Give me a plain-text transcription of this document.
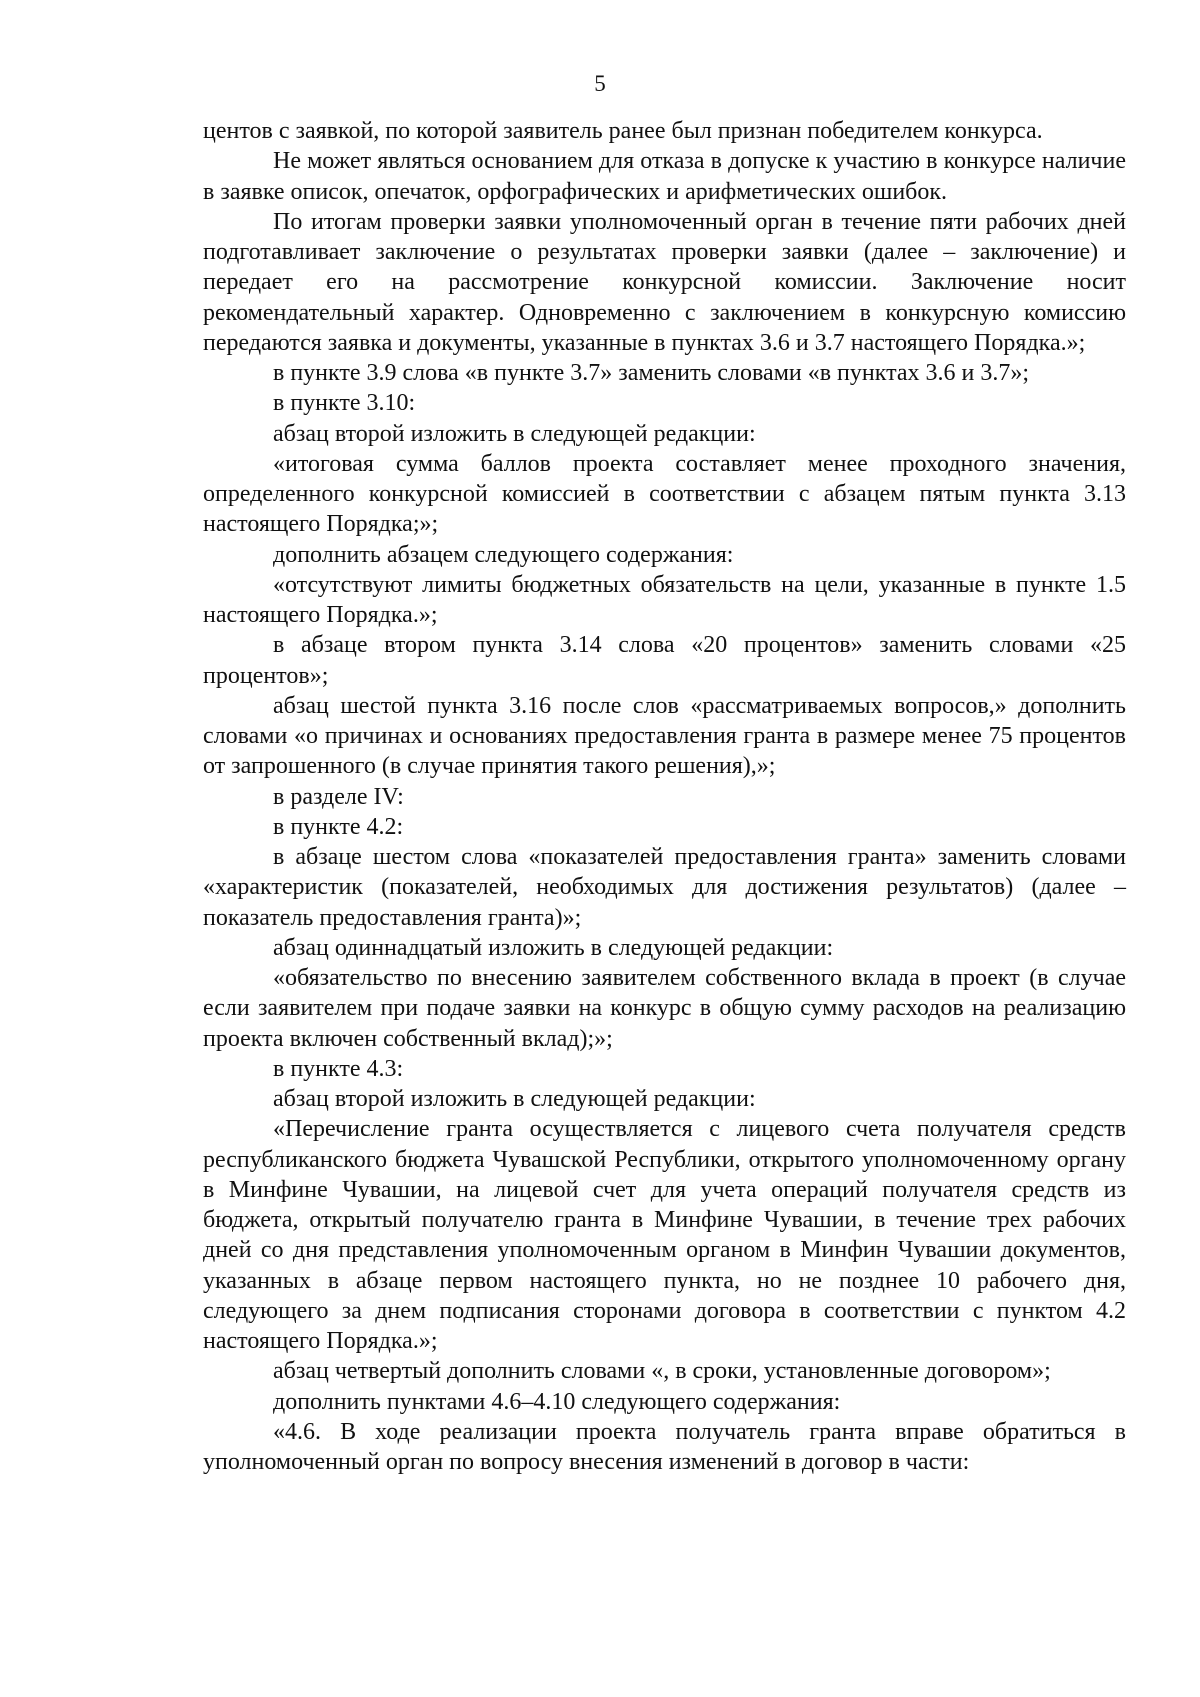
5

центов с заявкой, по которой заявитель ранее был признан победителем конкурса.

Не может являться основанием для отказа в допуске к участию в конкурсе наличие в заявке описок, опечаток, орфографических и арифметических ошибок.

По итогам проверки заявки уполномоченный орган в течение пяти рабочих дней подготавливает заключение о результатах проверки заявки (далее – заключение) и передает его на рассмотрение конкурсной комиссии. Заключение носит рекомендательный характер. Одновременно с заключением в конкурсную комиссию передаются заявка и документы, указанные в пунктах 3.6 и 3.7 настоящего Порядка.»;

в пункте 3.9 слова «в пункте 3.7» заменить словами «в пунктах 3.6 и 3.7»;

в пункте 3.10:

абзац второй изложить в следующей редакции:

«итоговая сумма баллов проекта составляет менее проходного значения, определенного конкурсной комиссией в соответствии с абзацем пятым пункта 3.13 настоящего Порядка;»;

дополнить абзацем следующего содержания:

«отсутствуют лимиты бюджетных обязательств на цели, указанные в пункте 1.5 настоящего Порядка.»;

в абзаце втором пункта 3.14 слова «20 процентов» заменить словами «25 процентов»;

абзац шестой пункта 3.16 после слов «рассматриваемых вопросов,» дополнить словами «о причинах и основаниях предоставления гранта в размере менее 75 процентов от запрошенного (в случае принятия такого решения),»;

в разделе IV:

в пункте 4.2:

в абзаце шестом слова «показателей предоставления гранта» заменить словами «характеристик (показателей, необходимых для достижения результатов) (далее – показатель предоставления гранта)»;

абзац одиннадцатый изложить в следующей редакции:

«обязательство по внесению заявителем собственного вклада в проект (в случае если заявителем при подаче заявки на конкурс в общую сумму расходов на реализацию проекта включен собственный вклад);»;

в пункте 4.3:

абзац второй изложить в следующей редакции:

«Перечисление гранта осуществляется с лицевого счета получателя средств республиканского бюджета Чувашской Республики, открытого уполномоченному органу в Минфине Чувашии, на лицевой счет для учета операций получателя средств из бюджета, открытый получателю гранта в Минфине Чувашии, в течение трех рабочих дней со дня представления уполномоченным органом в Минфин Чувашии документов, указанных в абзаце первом настоящего пункта, но не позднее 10 рабочего дня, следующего за днем подписания сторонами договора в соответствии с пунктом 4.2 настоящего Порядка.»;

абзац четвертый дополнить словами «, в сроки, установленные договором»;

дополнить пунктами 4.6–4.10 следующего содержания:

«4.6. В ходе реализации проекта получатель гранта вправе обратиться в уполномоченный орган по вопросу внесения изменений в договор в части:
